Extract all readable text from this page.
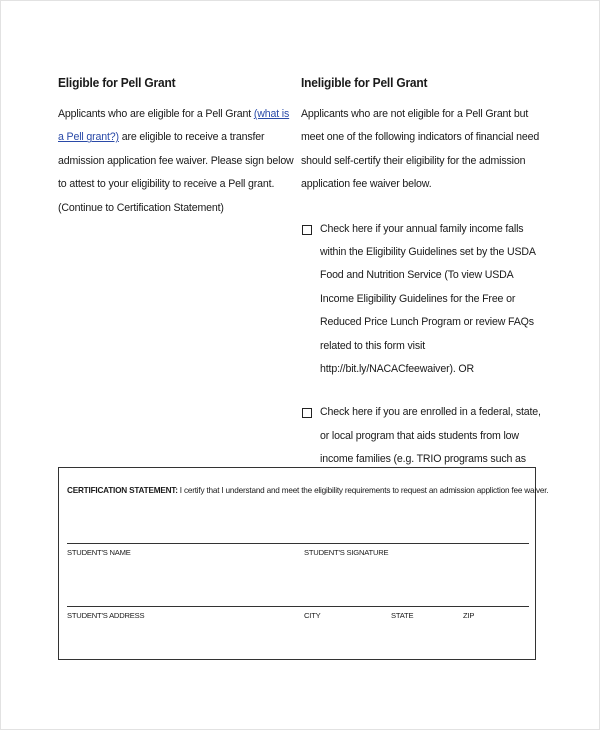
Eligible for Pell Grant
Applicants who are eligible for a Pell Grant (what is a Pell grant?) are eligible to receive a transfer admission application fee waiver. Please sign below to attest to your eligibility to receive a Pell grant. (Continue to Certification Statement)
Ineligible for Pell Grant
Applicants who are not eligible for a Pell Grant but meet one of the following indicators of financial need should self-certify their eligibility for the admission application fee waiver below.
Check here if your annual family income falls within the Eligibility Guidelines set by the USDA Food and Nutrition Service (To view USDA Income Eligibility Guidelines for the Free or Reduced Price Lunch Program or review FAQs related to this form visit http://bit.ly/NACACfeewaiver). OR
Check here if you are enrolled in a federal, state, or local program that aids students from low income families (e.g. TRIO programs such as
CERTIFICATION STATEMENT: I certify that I understand and meet the eligibility requirements to request an admission appliction fee waiver.
STUDENT'S NAME	STUDENT'S SIGNATURE
STUDENT'S ADDRESS	CITY	STATE	ZIP
